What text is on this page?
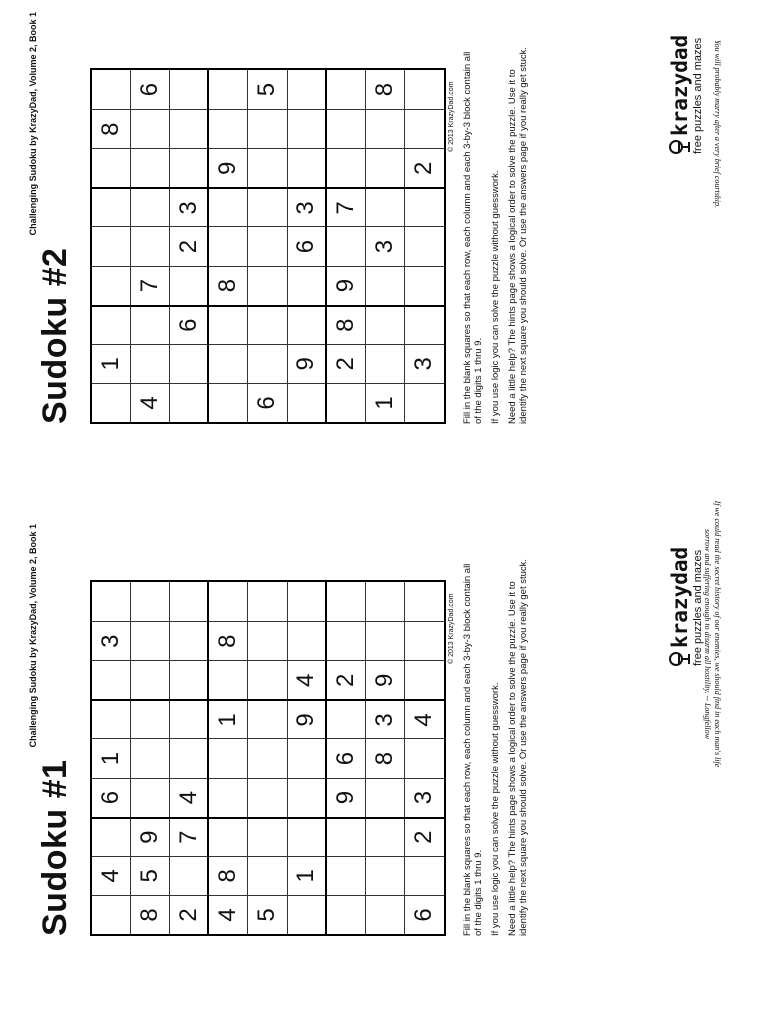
Challenging Sudoku by KrazyDad, Volume 2, Book 1
Sudoku #1 4
6
1
3
8
5
9
2
7
4
4
8
1
8
5
1
9
4
9
6
2
8
3
9
6
2
3
4
© 2013 KrazyDad.com Fill in the blank squares so that each row, each column and each 3-by-3 block contain all of the digits 1 thru 9. If you use logic you can solve the puzzle without guesswork. Need a little help? The hints page shows a logical order to solve the puzzle. Use it to identify the next square you should solve. Or use the answers page if you really get stuck.	krazydad free puzzles and mazes
Challenging Sudoku by KrazyDad, Volume 2, Book 1
Sudoku #2 1
8
4
7
6
6
2
3
8
9
6
5
9
6
3
2
8
9
7
1
3
8
3
2
© 2013 KrazyDad.com Fill in the blank squares so that each row, each column and each 3-by-3 block contain all of the digits 1 thru 9. If you use logic you can solve the puzzle without guesswork. Need a little help? The hints page shows a logical order to solve the puzzle. Use it to identify the next square you should solve. Or use the answers page if you really get stuck.	krazydad free puzzles and mazes
If we could read the secret history of our enemies, we should find in each man's life sorrow and suffering enough to disarm all hostility. -- Longfellow
You will probably marry after a very brief courtship.
